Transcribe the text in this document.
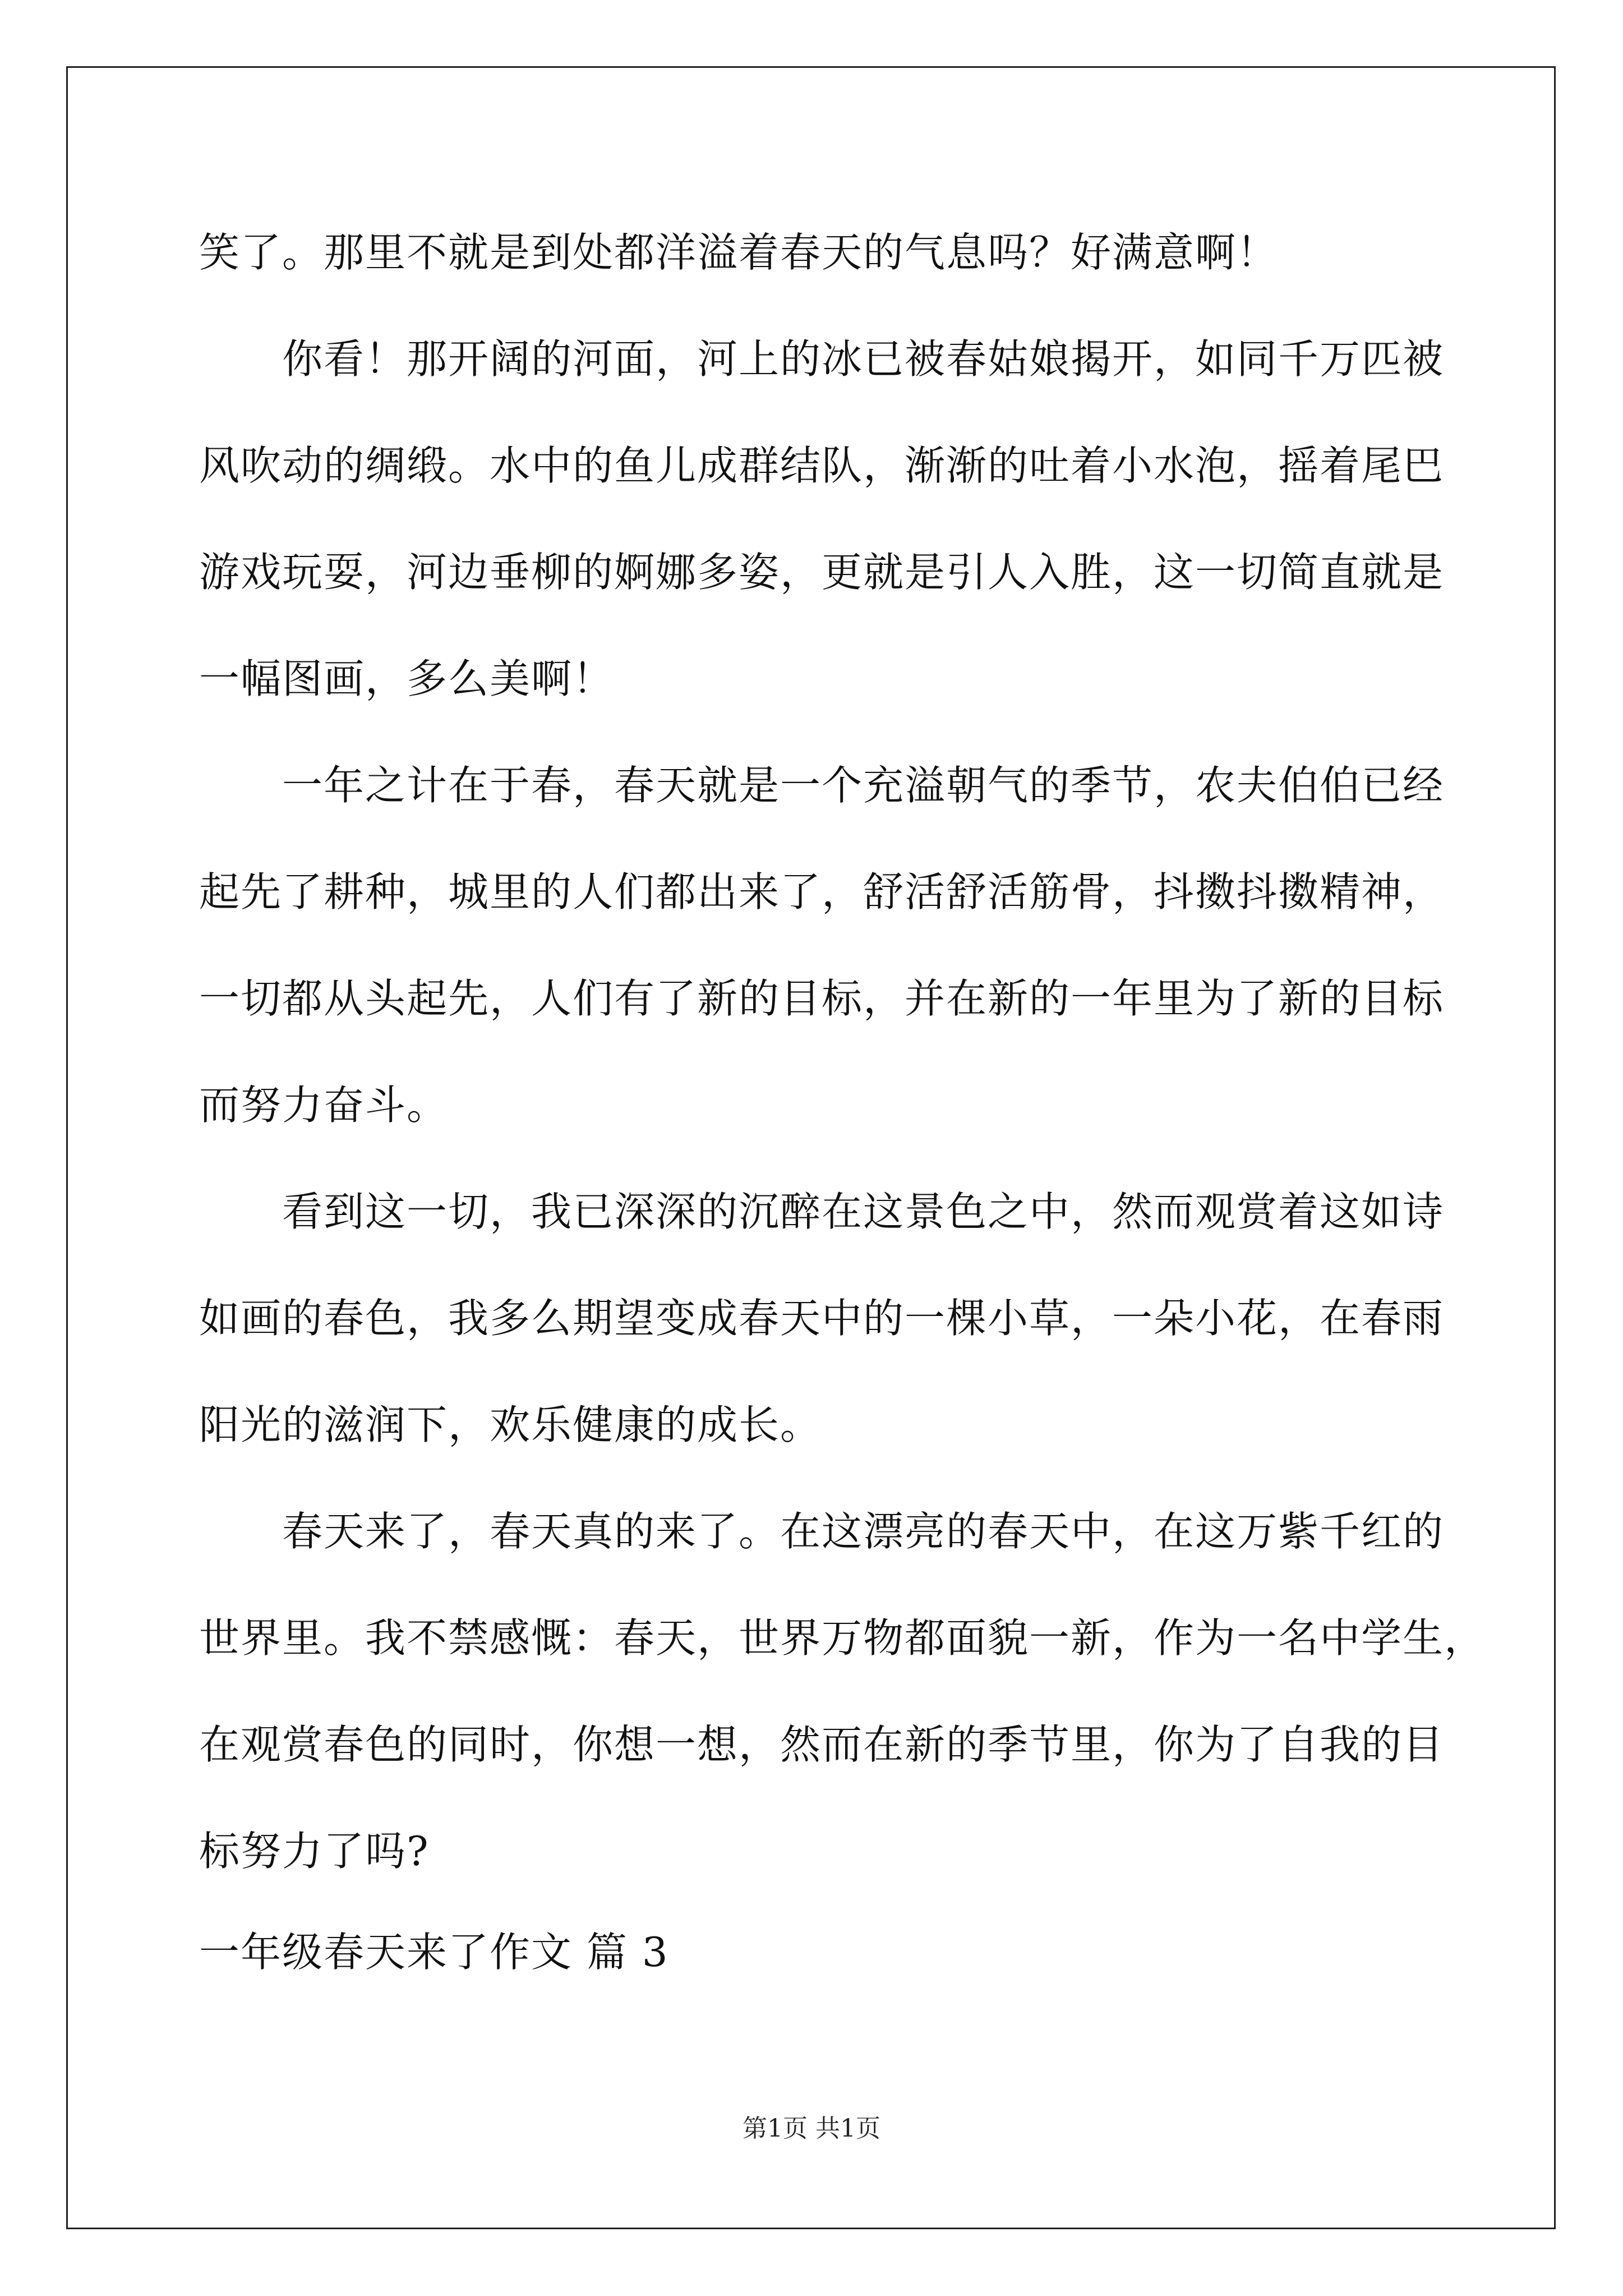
笑了。那里不就是到处都洋溢着春天的气息吗？好满意啊！
你看！那开阔的河面，河上的冰已被春姑娘揭开，如同千万匹被
风吹动的绸缎。水中的鱼儿成群结队，渐渐的吐着小水泡，摇着尾巴
游戏玩耍，河边垂柳的婀娜多姿，更就是引人入胜，这一切简直就是
一幅图画，多么美啊！
一年之计在于春，春天就是一个充溢朝气的季节，农夫伯伯已经
起先了耕种，城里的人们都出来了，舒活舒活筋骨，抖擞抖擞精神，
一切都从头起先，人们有了新的目标，并在新的一年里为了新的目标
而努力奋斗。
看到这一切，我已深深的沉醉在这景色之中，然而观赏着这如诗
如画的春色，我多么期望变成春天中的一棵小草，一朵小花，在春雨
阳光的滋润下，欢乐健康的成长。
春天来了，春天真的来了。在这漂亮的春天中，在这万紫千红的
世界里。我不禁感慨：春天，世界万物都面貌一新，作为一名中学生，
在观赏春色的同时，你想一想，然而在新的季节里，你为了自我的目
标努力了吗?
一年级春天来了作文 篇 3
第1页 共1页
